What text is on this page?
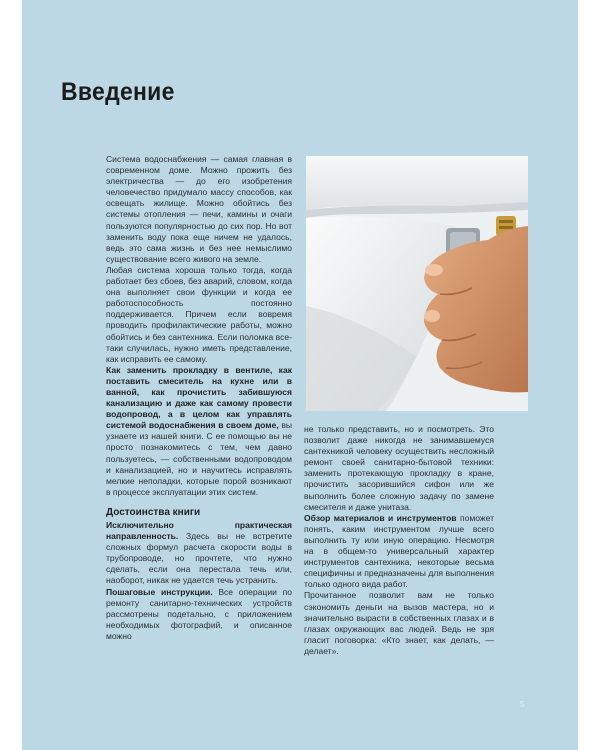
Введение

Система водоснабжения — самая главная в современном доме. Можно прожить без электричества — до его изобретения человечество придумало массу способов, как освещать жилище. Можно обойтись без системы отопления — печи, камины и очаги пользуются популярностью до сих пор. Но вот заменить воду пока еще ничем не удалось, ведь это сама жизнь и без нее немыслимо существование всего живого на земле.

Любая система хороша только тогда, когда работает без сбоев, без аварий, словом, когда она выполняет свои функции и когда ее работоспособность постоянно поддерживается. Причем если вовремя проводить профилактические работы, можно обойтись и без сантехника. Если поломка все-таки случилась, нужно иметь представление, как исправить ее самому.

Как заменить прокладку в вентиле, как поставить смеситель на кухне или в ванной, как прочистить забившуюся канализацию и даже как самому провести водопровод, а в целом как управлять системой водоснабжения в своем доме, вы узнаете из нашей книги. С ее помощью вы не просто познакомитесь с тем, чем давно пользуетесь, — собственными водопроводом и канализацией, но и научитесь исправлять мелкие неполадки, которые порой возникают в процессе эксплуатации этих систем.

Достоинства книги

Исключительно практическая направленность. Здесь вы не встретите сложных формул расчета скорости воды в трубопроводе, но прочтете, что нужно сделать, если она перестала течь или, наоборот, никак не удается течь устранить.

Пошаговые инструкции. Все операции по ремонту санитарно-технических устройств рассмотрены подетально, с приложением необходимых фотографий, и описанное можно

не только представить, но и посмотреть. Это позволит даже никогда не занимавшемуся сантехникой человеку осуществить несложный ремонт своей санитарно-бытовой техники: заменить протекающую прокладку в кране, прочистить засорившийся сифон или же выполнить более сложную задачу по замене смесителя и даже унитаза.

Обзор материалов и инструментов поможет понять, каким инструментом лучше всего выполнить ту или иную операцию. Несмотря на в общем-то универсальный характер инструментов сантехника, некоторые весьма специфичны и предназначены для выполнения только одного вида работ.

Прочитанное позволит вам не только сэкономить деньги на вызов мастера, но и значительно вырасти в собственных глазах и в глазах окружающих вас людей. Ведь не зря гласит поговорка: «Кто знает, как делать, — делает».

5
